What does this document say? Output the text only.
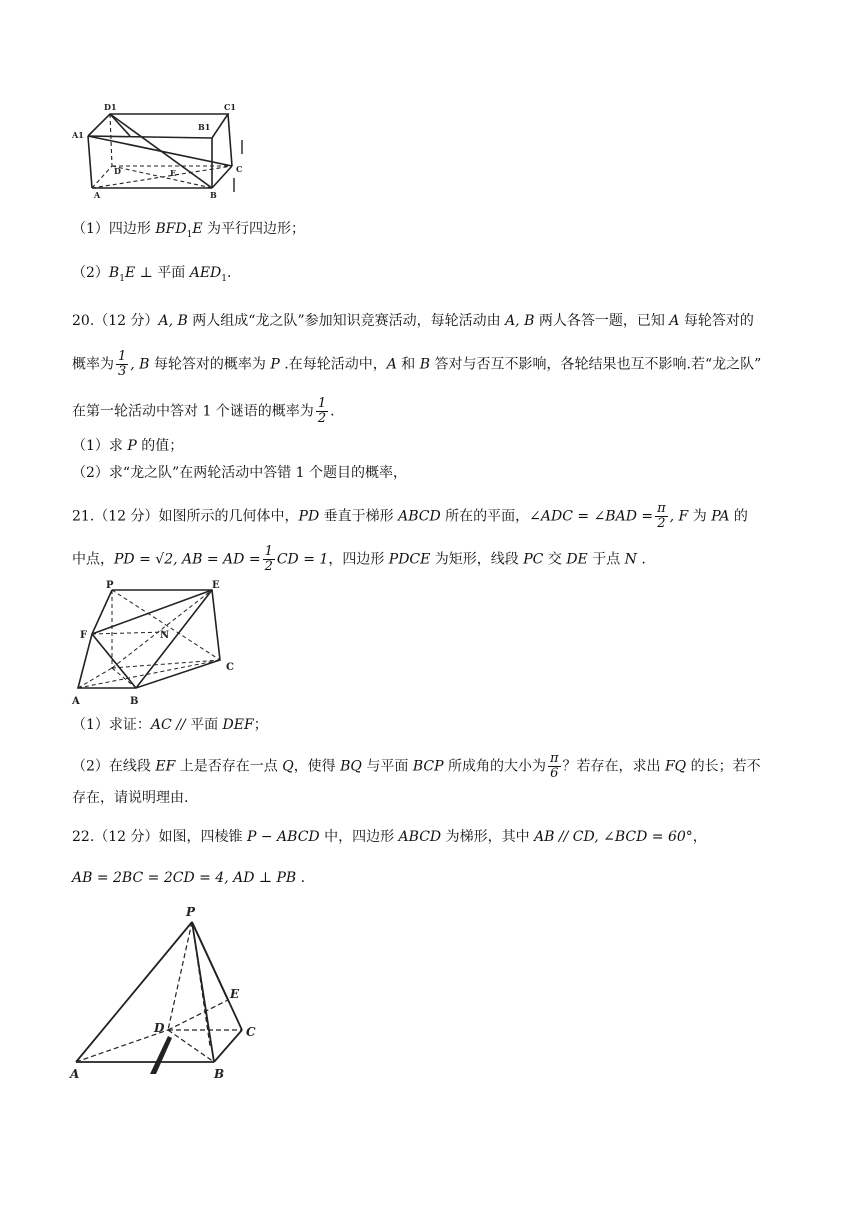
D1	C1
A1
B1
C
D	E
A	B
（1）四边形 $BFD_1E$ 为平行四边形；
$(2)B_1E$ ⊥ 平面 $AED_1$.
20.（12 分）A, B 两人组成“龙之队”参加知识竞赛活动，每轮活动由 A, B 两人各答一题，已知 A 每轮答对的
概率为 $\frac{1}{3}$ , B 每轮答对的概率为 P .在每轮活动中，A 和 B 答对与否互不影响，各轮结果也互不影响.若“龙之队”
在第一轮活动中答对 1 个谜语的概率为 $\frac{1}{2}$ .
（1）求 P 的值；
（2）求“龙之队”在两轮活动中答错 1 个题目的概率，
21.（12 分）如图所示的几何体中，PD 垂直于梯形 ABCD 所在的平面，∠ADC = ∠BAD = $\frac{\pi}{2}$ , F 为 PA 的
中点，PD = √2, AB = AD = $\frac{1}{2}$ CD = 1，四边形 PDCE 为矩形，线段 PC 交 DE 于点 N .
P	E
F	N
C
A	B
（1）求证：AC // 平面 DEF；
（2）在线段 EF 上是否存在一点 Q，使得 BQ 与平面 BCP 所成角的大小为 $\frac{\pi}{6}$ ？若存在，求出 FQ 的长；若不
存在，请说明理由.
22.（12 分）如图，四棱锥 P − ABCD 中，四边形 ABCD 为梯形，其中 AB // CD, ∠BCD = 60°，
AB = 2BC = 2CD = 4, AD ⊥ PB .
P
E
D	C
A	B
